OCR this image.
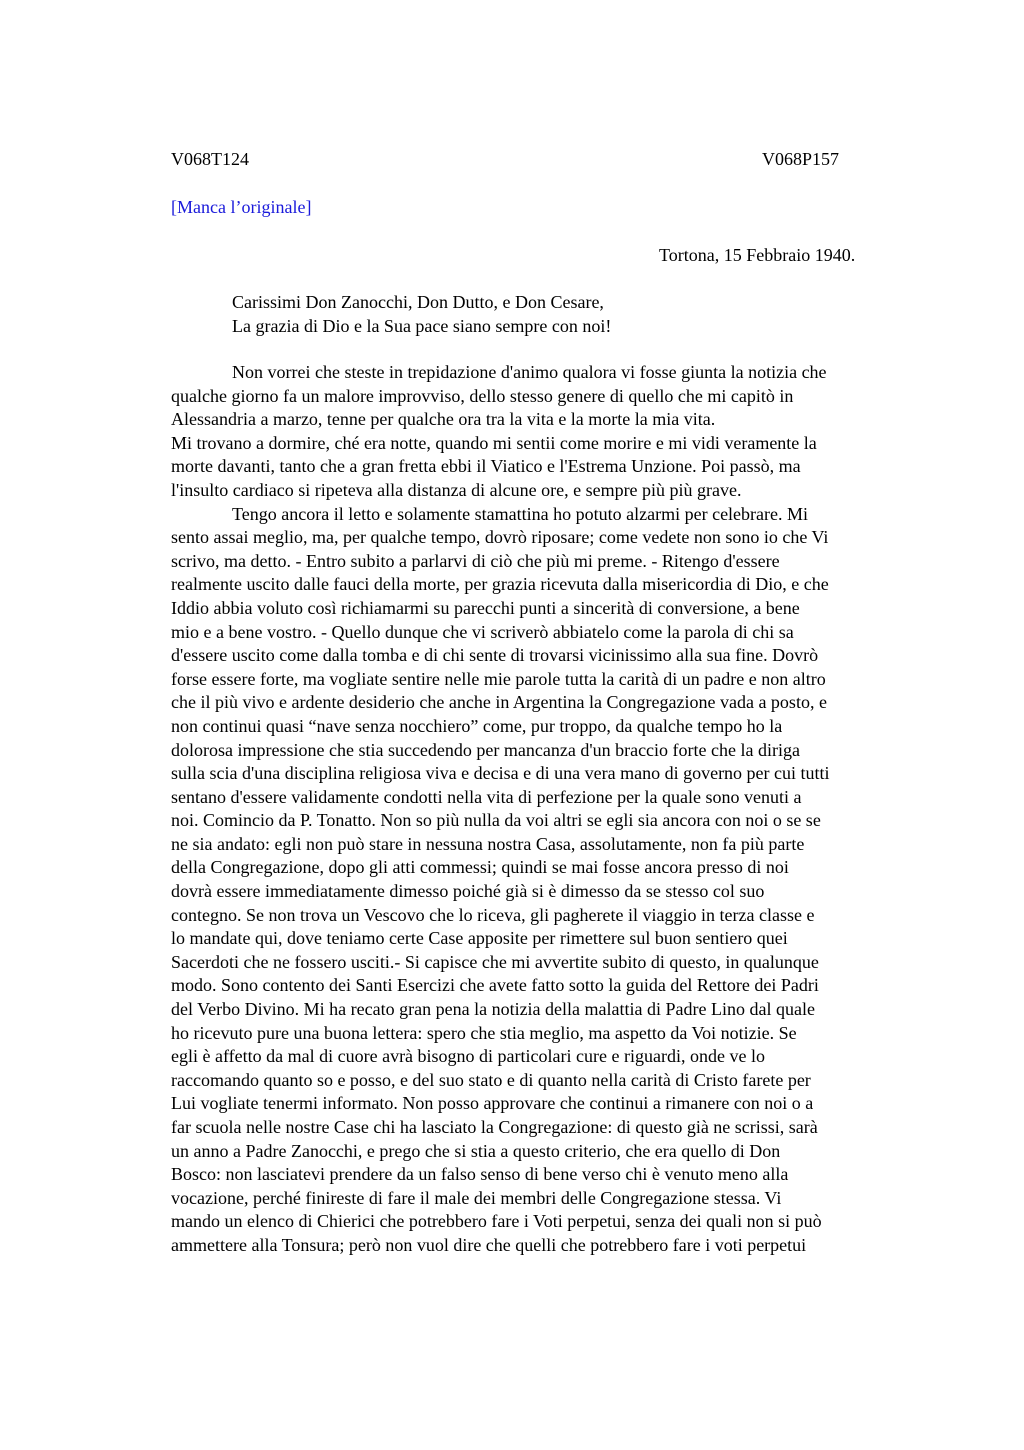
V068T124	V068P157
[Manca l’originale]
Tortona, 15 Febbraio 1940.
Carissimi Don Zanocchi, Don Dutto, e Don Cesare,
La grazia di Dio e la Sua pace siano sempre con noi!
Non vorrei che steste in trepidazione d'animo qualora vi fosse giunta la notizia che
qualche giorno fa un malore improvviso, dello stesso genere di quello che mi capitò in
Alessandria a marzo, tenne per qualche ora tra la vita e la morte la mia vita.
Mi trovano a dormire, ché era notte, quando mi sentii come morire e mi vidi veramente la
morte davanti, tanto che a gran fretta ebbi il Viatico e l'Estrema Unzione. Poi passò, ma
l'insulto cardiaco si ripeteva alla distanza di alcune ore, e sempre più più grave.
Tengo ancora il letto e solamente stamattina ho potuto alzarmi per celebrare. Mi
sento assai meglio, ma, per qualche tempo, dovrò riposare; come vedete non sono io che Vi
scrivo, ma detto. - Entro subito a parlarvi di ciò che più mi preme. - Ritengo d'essere
realmente uscito dalle fauci della morte, per grazia ricevuta dalla misericordia di Dio, e che
Iddio abbia voluto così richiamarmi su parecchi punti a sincerità di conversione, a bene
mio e a bene vostro. - Quello dunque che vi scriverò abbiatelo come la parola di chi sa
d'essere uscito come dalla tomba e di chi sente di trovarsi vicinissimo alla sua fine. Dovrò
forse essere forte, ma vogliate sentire nelle mie parole tutta la carità di un padre e non altro
che il più vivo e ardente desiderio che anche in Argentina la Congregazione vada a posto, e
non continui quasi “nave senza nocchiero” come, pur troppo, da qualche tempo ho la
dolorosa impressione che stia succedendo per mancanza d'un braccio forte che la diriga
sulla scia d'una disciplina religiosa viva e decisa e di una vera mano di governo per cui tutti
sentano d'essere validamente condotti nella vita di perfezione per la quale sono venuti a
noi. Comincio da P. Tonatto. Non so più nulla da voi altri se egli sia ancora con noi o se se
ne sia andato: egli non può stare in nessuna nostra Casa, assolutamente, non fa più parte
della Congregazione, dopo gli atti commessi; quindi se mai fosse ancora presso di noi
dovrà essere immediatamente dimesso poiché già si è dimesso da se stesso col suo
contegno. Se non trova un Vescovo che lo riceva, gli pagherete il viaggio in terza classe e
lo mandate qui, dove teniamo certe Case apposite per rimettere sul buon sentiero quei
Sacerdoti che ne fossero usciti.- Si capisce che mi avvertite subito di questo, in qualunque
modo. Sono contento dei Santi Esercizi che avete fatto sotto la guida del Rettore dei Padri
del Verbo Divino. Mi ha recato gran pena la notizia della malattia di Padre Lino dal quale
ho ricevuto pure una buona lettera: spero che stia meglio, ma aspetto da Voi notizie. Se
egli è affetto da mal di cuore avrà bisogno di particolari cure e riguardi, onde ve lo
raccomando quanto so e posso, e del suo stato e di quanto nella carità di Cristo farete per
Lui vogliate tenermi informato. Non posso approvare che continui a rimanere con noi o a
far scuola nelle nostre Case chi ha lasciato la Congregazione: di questo già ne scrissi, sarà
un anno a Padre Zanocchi, e prego che si stia a questo criterio, che era quello di Don
Bosco: non lasciatevi prendere da un falso senso di bene verso chi è venuto meno alla
vocazione, perché finireste di fare il male dei membri delle Congregazione stessa. Vi
mando un elenco di Chierici che potrebbero fare i Voti perpetui, senza dei quali non si può
ammettere alla Tonsura; però non vuol dire che quelli che potrebbero fare i voti perpetui
